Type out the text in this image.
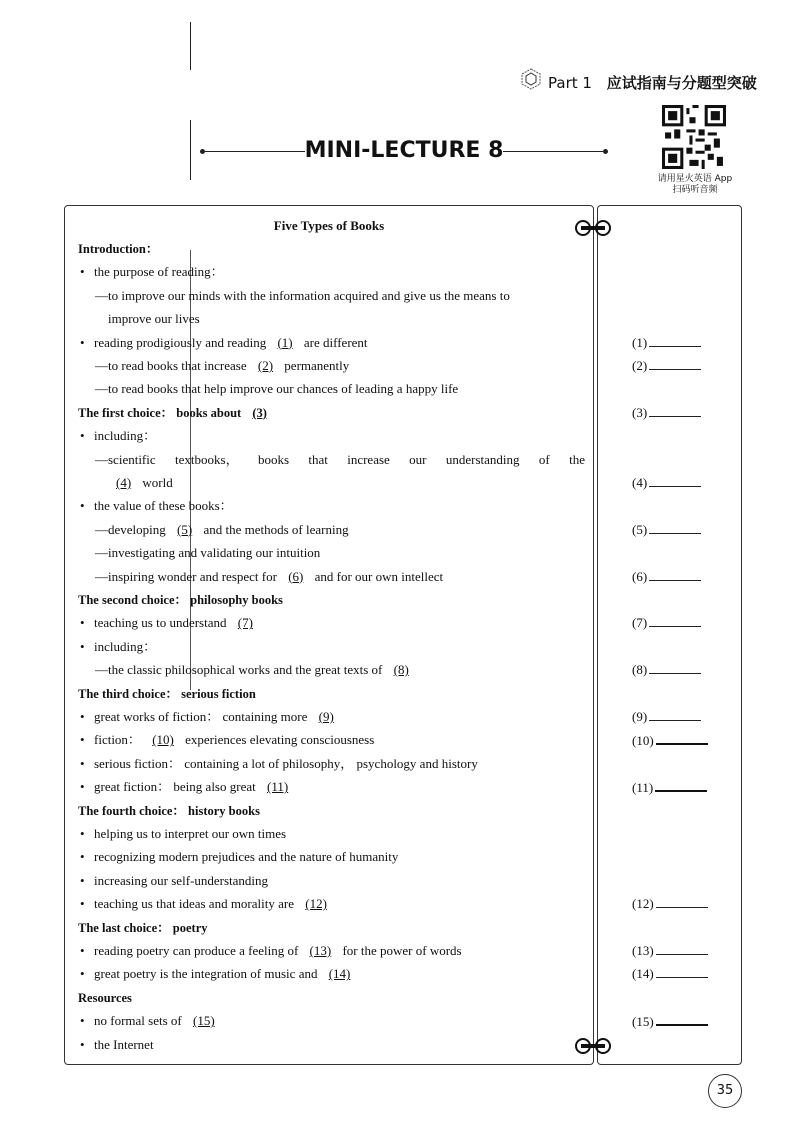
Part 1 应试指南与分题型突破
MINI-LECTURE 8
请用星火英语 App
扫码听音频
Five Types of Books
Introduction：
• the purpose of reading：
—to improve our minds with the information acquired and give us the means to
improve our lives
• reading prodigiously and reading (1) are different
—to read books that increase (2) permanently
—to read books that help improve our chances of leading a happy life
The first choice： books about (3)
• including：
—scientific textbooks， books that increase our understanding of the
(4) world
• the value of these books：
—developing (5) and the methods of learning
—investigating and validating our intuition
—inspiring wonder and respect for (6) and for our own intellect
The second choice： philosophy books
• teaching us to understand (7)
• including：
—the classic philosophical works and the great texts of (8)
The third choice： serious fiction
• great works of fiction： containing more (9)
• fiction： (10) experiences elevating consciousness
• serious fiction： containing a lot of philosophy， psychology and history
• great fiction： being also great (11)
The fourth choice： history books
• helping us to interpret our own times
• recognizing modern prejudices and the nature of humanity
• increasing our self-understanding
• teaching us that ideas and morality are (12)
The last choice： poetry
• reading poetry can produce a feeling of (13) for the power of words
• great poetry is the integration of music and (14)
Resources
• no formal sets of (15)
• the Internet
(1)
(2)
(3)
(4)
(5)
(6)
(7)
(8)
(9)
(10)
(11)
(12)
(13)
(14)
(15)
35
